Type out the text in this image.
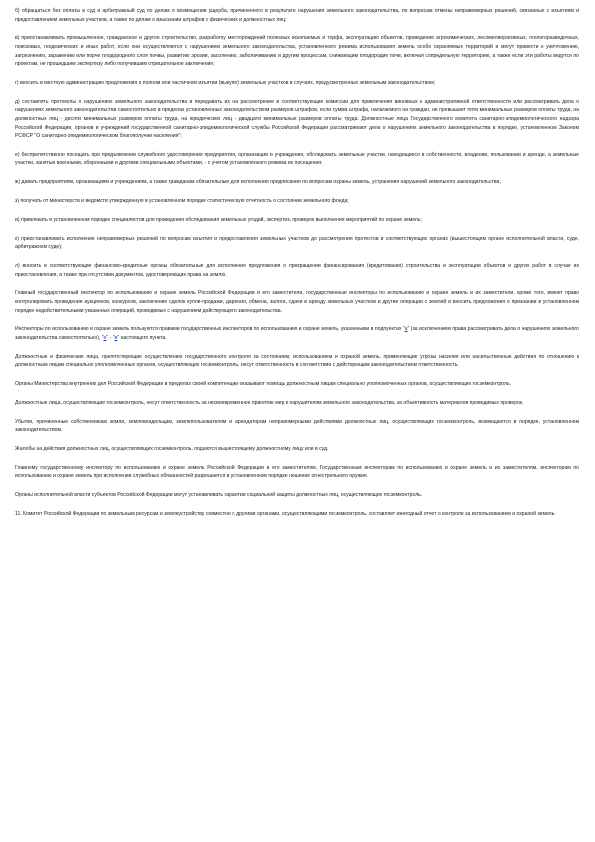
б) обращаться без оплаты в суд и арбитражный суд по делам о возмещении ущерба, причиненного в результате нарушения земельного законодательства, по вопросам отмены неправомерных решений, связанных с изъятием и предоставлением земельных участков, а также по делам о взыскании штрафов с физических и должностных лиц;

в) приостанавливать промышленное, гражданское и другое строительство, разработку месторождений полезных ископаемых и торфа, эксплуатацию объектов, проведение агрохимических, лесомелиоративных, геологоразведочных, поисковых, геодезических и иных работ, если они осуществляются с нарушением земельного законодательства, установленного режима использования земель особо охраняемых территорий и могут привести к уничтожению, загрязнению, заражению или порче плодородного слоя почвы, развитию эрозии, засолению, заболачиванию и другим процессам, снижающим плодородие почв, включая сопредельную территорию, а также если эти работы ведутся по проектам, не прошедшим экспертизу либо получившим отрицательное заключение;

г) вносить в местную администрацию предложения о полном или частичном изъятии (выкупе) земельных участков в случаях, предусмотренных земельным законодательством;

д) составлять протоколы о нарушениях земельного законодательства и передавать их на рассмотрение в соответствующие комиссии для привлечения виновных к административной ответственности или рассматривать дела о нарушениях земельного законодательства самостоятельно в пределах установленных законодательством размеров штрафов, если сумма штрафа, налагаемого на граждан, не превышает пяти минимальных размеров оплаты труда, на должностных лиц - десяти минимальных размеров оплаты труда, на юридических лиц - двадцати минимальных размеров оплаты труда. Должностные лица Государственного комитета санитарно-эпидемиологического надзора Российской Федерации, органов и учреждений государственной санитарно-эпидемиологической службы Российской Федерации рассматривают дела о нарушениях земельного законодательства в порядке, установленном Законом РСФСР "О санитарно-эпидемиологическом благополучии населения";

е) беспрепятственно посещать при предъявлении служебного удостоверения предприятия, организации и учреждения, обследовать земельные участки, находящиеся в собственности, владении, пользовании и аренде, а земельные участки, занятые военными, оборонными и другими специальными объектами, - с учетом установленного режима их посещения;

ж) давать предприятиям, организациям и учреждениям, а также гражданам обязательные для исполнения предписания по вопросам охраны земель, устранения нарушений земельного законодательства;

з) получать от министерств и ведомств утвержденную в установленном порядке статистическую отчетность о состоянии земельного фонда;

и) привлекать в установленном порядке специалистов для проведения обследования земельных угодий, экспертиз, проверок выполнения мероприятий по охране земель;

к) приостанавливать исполнение неправомерных решений по вопросам изъятия и предоставления земельных участков до рассмотрения протестов в соответствующих органах (вышестоящем органе исполнительной власти, суде, арбитражном суде);

л) вносить в соответствующие финансово-кредитные органы обязательные для исполнения предложения о прекращении финансирования (кредитования) строительства и эксплуатации объектов и других работ в случае их приостановления, а также при отсутствии документов, удостоверяющих права на землю.

Главный государственный инспектор по использованию и охране земель Российской Федерации и его заместители, государственные инспекторы по использованию и охране земель и их заместители, кроме того, имеют право контролировать проведение аукционов, конкурсов, заключение сделок купли-продажи, дарения, обмена, залога, сдачи в аренду земельных участков и другие операции с землей и вносить предложения о признании в установленном порядке недействительными указанных операций, проводимых с нарушением действующего законодательства.

Инспекторы по использованию и охране земель пользуются правами государственных инспекторов по использованию и охране земель, указанными в подпунктах "а" (за исключением права рассматривать дела о нарушениях земельного законодательства самостоятельно), "е" - "и" настоящего пункта.

Должностные и физические лица, препятствующие осуществлению государственного контроля за состоянием, использованием и охраной земель, применяющие угрозы насилия или насильственные действия по отношению к должностным лицам специально уполномоченных органов, осуществляющих госземконтроль, несут ответственность в соответствии с действующим законодательством ответственность.

Органы Министерства внутренних дел Российской Федерации в пределах своей компетенции оказывают помощь должностным лицам специально уполномоченных органов, осуществляющих госземконтроль.

Должностные лица, осуществляющие госземконтроль, несут ответственность за несвоевременное принятие мер к нарушителям земельного законодательства, за объективность материалов проводимых проверок.

Убытки, причиненные собственникам земли, землевладельцам, землепользователям и арендаторам неправомерными действиями должностных лиц, осуществляющих госземконтроль, возмещаются в порядке, установленном законодательством.

Жалобы на действия должностных лиц, осуществляющих госземконтроль, подаются вышестоящему должностному лицу или в суд.

Главному государственному инспектору по использованию и охране земель Российской Федерации и его заместителям, Государственным инспекторам по использованию и охране земель и их заместителям, инспекторам по использованию и охране земель при исполнении служебных обязанностей разрешается в установленном порядке ношение огнестрельного оружия.

Органы исполнительной власти субъектов Российской Федерации могут устанавливать гарантии социальной защиты должностных лиц, осуществляющих госземконтроль.

11. Комитет Российской Федерации по земельным ресурсам и землеустройству совместно с другими органами, осуществляющими госземконтроль, составляет ежегодный отчет о контроле за использованием и охраной земель.
